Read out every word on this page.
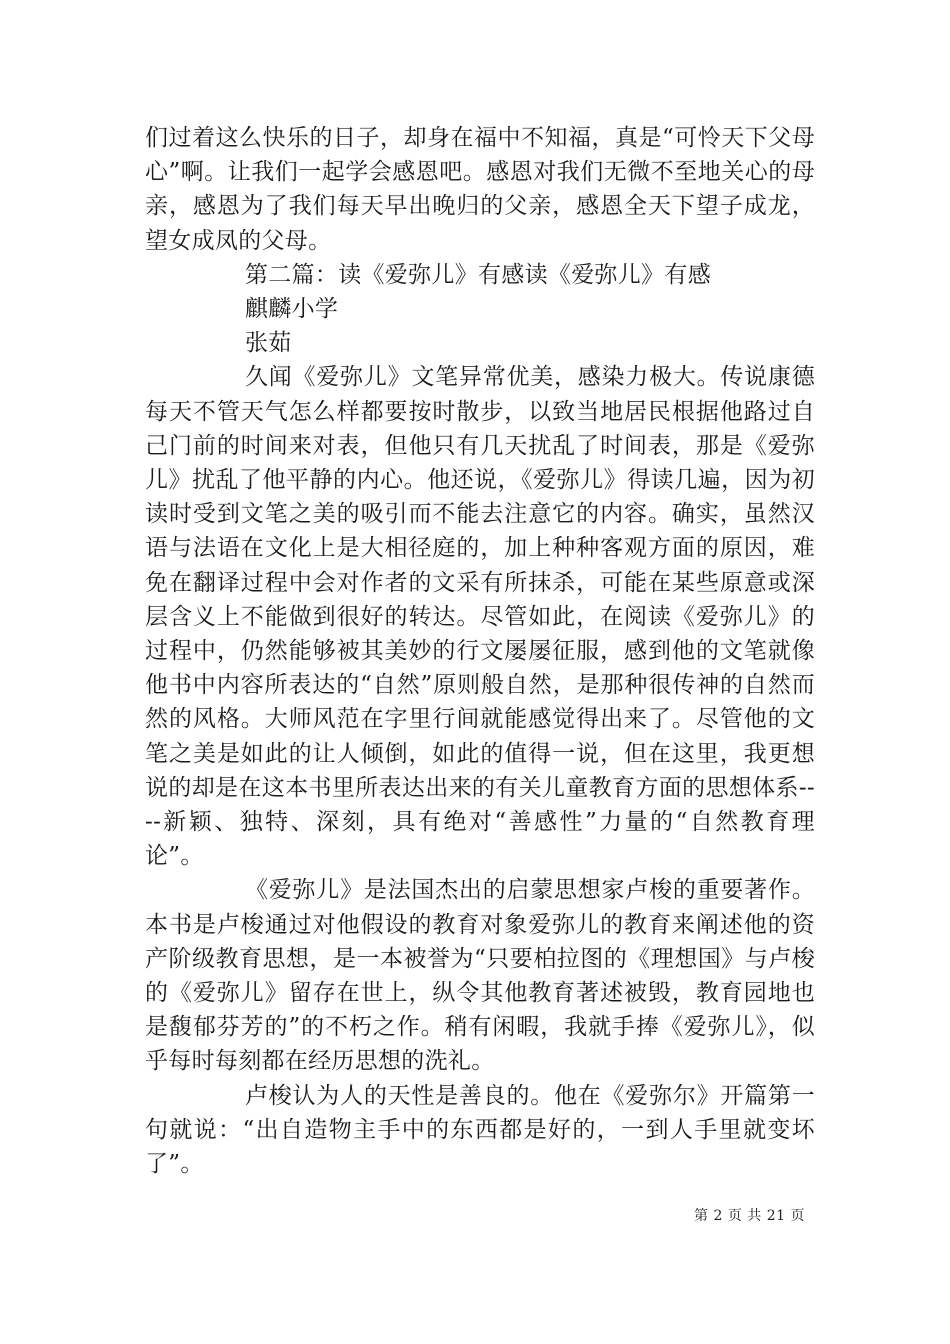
们过着这么快乐的日子，却身在福中不知福，真是“可怜天下父母心”啊。让我们一起学会感恩吧。感恩对我们无微不至地关心的母亲，感恩为了我们每天早出晚归的父亲，感恩全天下望子成龙，望女成凤的父母。

第二篇：读《爱弥儿》有感读《爱弥儿》有感

麒麟小学

张茹

久闻《爱弥儿》文笔异常优美，感染力极大。传说康德每天不管天气怎么样都要按时散步，以致当地居民根据他路过自己门前的时间来对表，但他只有几天扰乱了时间表，那是《爱弥儿》扰乱了他平静的内心。他还说，《爱弥儿》得读几遍，因为初读时受到文笔之美的吸引而不能去注意它的内容。确实，虽然汉语与法语在文化上是大相径庭的，加上种种客观方面的原因，难免在翻译过程中会对作者的文采有所抹杀，可能在某些原意或深层含义上不能做到很好的转达。尽管如此，在阅读《爱弥儿》的过程中，仍然能够被其美妙的行文屡屡征服，感到他的文笔就像他书中内容所表达的“自然”原则般自然，是那种很传神的自然而然的风格。大师风范在字里行间就能感觉得出来了。尽管他的文笔之美是如此的让人倾倒，如此的值得一说，但在这里，我更想说的却是在这本书里所表达出来的有关儿童教育方面的思想体系----新颖、独特、深刻，具有绝对“善感性”力量的“自然教育理论”。

《爱弥儿》是法国杰出的启蒙思想家卢梭的重要著作。本书是卢梭通过对他假设的教育对象爱弥儿的教育来阐述他的资产阶级教育思想，是一本被誉为“只要柏拉图的《理想国》与卢梭的《爱弥儿》留存在世上，纵令其他教育著述被毁，教育园地也是馥郁芬芳的”的不朽之作。稍有闲暇，我就手捧《爱弥儿》，似乎每时每刻都在经历思想的洗礼。

卢梭认为人的天性是善良的。他在《爱弥尔》开篇第一句就说：“出自造物主手中的东西都是好的，一到人手里就变坏了”。

第 2 页 共 21 页
